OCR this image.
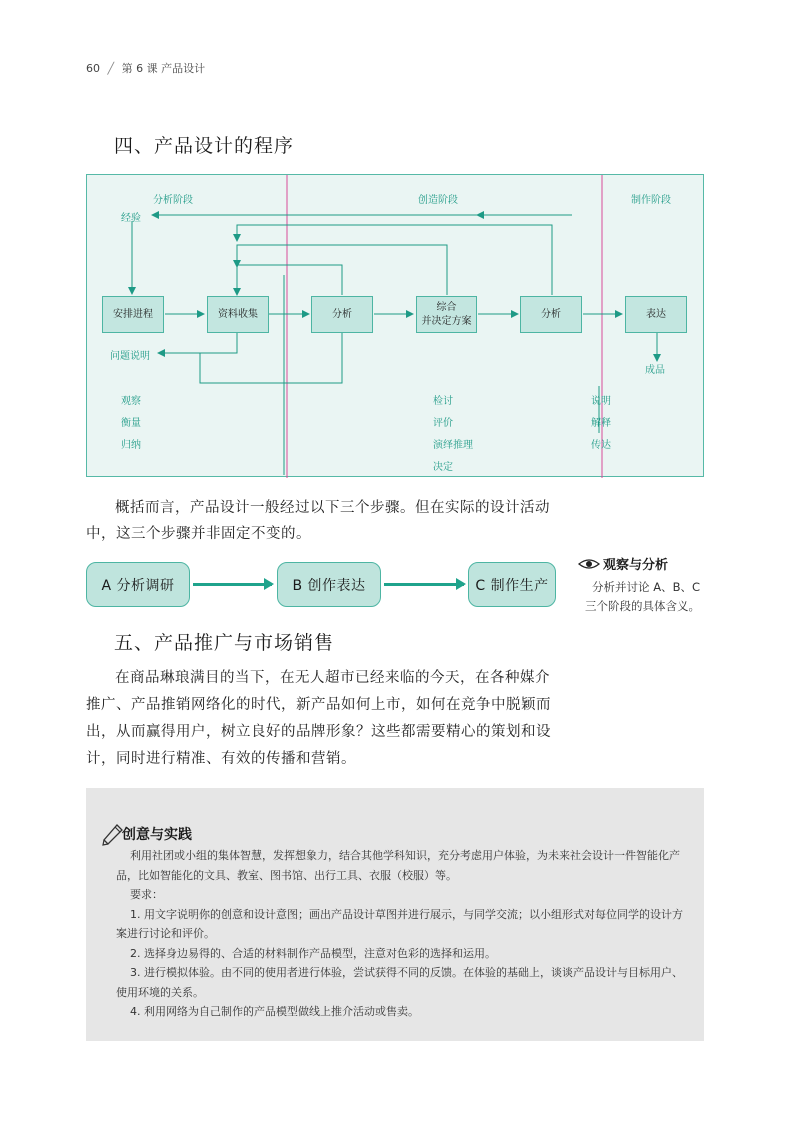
60 ╱ 第 6 课 产品设计
四、产品设计的程序
分析阶段	创造阶段	制作阶段
经验
问题说明
成品
安排进程	资料收集	分析
综合
并决定方案
分析	表达
观察
衡量
归纳
检讨
评价
演绎推理
决定
说明
解释
传达
概括而言，产品设计一般经过以下三个步骤。但在实际的设计活动中，这三个步骤并非固定不变的。
A 分析调研	B 创作表达	C 制作生产
观察与分析
分析并讨论 A、B、C 三个阶段的具体含义。
五、产品推广与市场销售
在商品琳琅满目的当下，在无人超市已经来临的今天，在各种媒介推广、产品推销网络化的时代，新产品如何上市，如何在竞争中脱颖而出，从而赢得用户，树立良好的品牌形象？这些都需要精心的策划和设计，同时进行精准、有效的传播和营销。
创意与实践

利用社团或小组的集体智慧，发挥想象力，结合其他学科知识，充分考虑用户体验，为未来社会设计一件智能化产品，比如智能化的文具、教室、图书馆、出行工具、衣服（校服）等。

要求：

1. 用文字说明你的创意和设计意图；画出产品设计草图并进行展示，与同学交流；以小组形式对每位同学的设计方案进行讨论和评价。

2. 选择身边易得的、合适的材料制作产品模型，注意对色彩的选择和运用。

3. 进行模拟体验。由不同的使用者进行体验，尝试获得不同的反馈。在体验的基础上，谈谈产品设计与目标用户、使用环境的关系。

4. 利用网络为自己制作的产品模型做线上推介活动或售卖。
